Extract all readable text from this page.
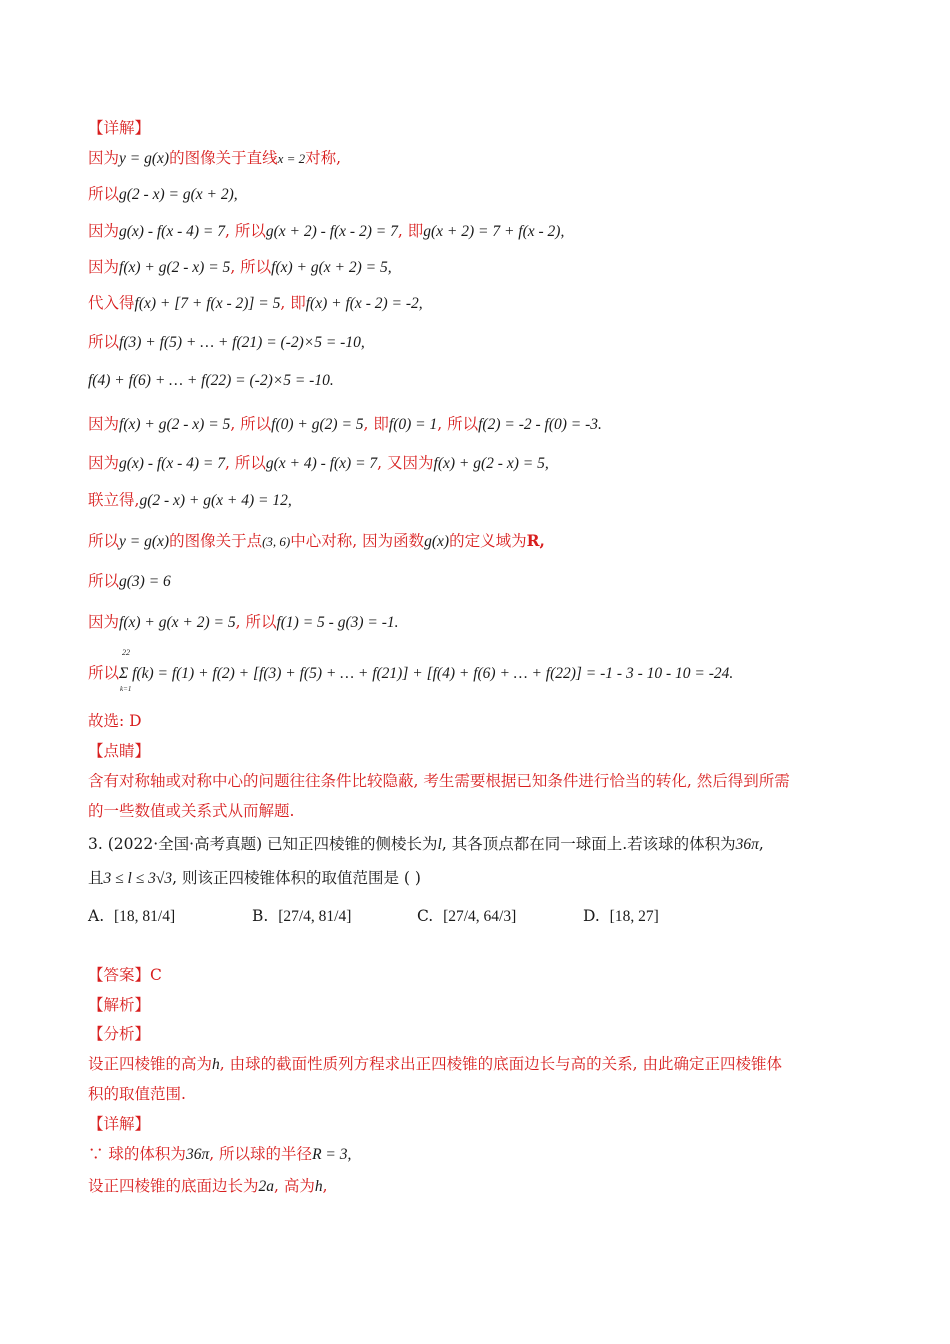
【详解】
因为y = g(x)的图像关于直线x = 2对称,
所以g(2 - x) = g(x + 2),
因为g(x) - f(x - 4) = 7, 所以g(x + 2) - f(x - 2) = 7, 即g(x + 2) = 7 + f(x - 2),
因为f(x) + g(2 - x) = 5, 所以f(x) + g(x + 2) = 5,
代入得f(x) + [7 + f(x - 2)] = 5, 即f(x) + f(x - 2) = -2,
所以f(3) + f(5) + … + f(21) = (-2)×5 = -10,
f(4) + f(6) + … + f(22) = (-2)×5 = -10.
因为f(x) + g(2 - x) = 5, 所以f(0) + g(2) = 5, 即f(0) = 1, 所以f(2) = -2 - f(0) = -3.
因为g(x) - f(x - 4) = 7, 所以g(x + 4) - f(x) = 7, 又因为f(x) + g(2 - x) = 5,
联立得,g(2 - x) + g(x + 4) = 12,
所以y = g(x)的图像关于点(3, 6)中心对称, 因为函数g(x)的定义域为R,
所以g(3) = 6
因为f(x) + g(x + 2) = 5, 所以f(1) = 5 - g(3) = -1.
所以Σ f(k) = f(1) + f(2) + [f(3) + f(5) + … + f(21)] + [f(4) + f(6) + … + f(22)] = -1 - 3 - 10 - 10 = -24.
22
k=1
故选: D
【点睛】
含有对称轴或对称中心的问题往往条件比较隐蔽, 考生需要根据已知条件进行恰当的转化, 然后得到所需
的一些数值或关系式从而解题.
3. (2022·全国·高考真题) 已知正四棱锥的侧棱长为l, 其各顶点都在同一球面上.若该球的体积为36π,
且3 ≤ l ≤ 3√3, 则该正四棱锥体积的取值范围是 ( )
A. [18, 81/4]	B. [27/4, 81/4]	C. [27/4, 64/3]	D. [18, 27]
【答案】C
【解析】
【分析】
设正四棱锥的高为h, 由球的截面性质列方程求出正四棱锥的底面边长与高的关系, 由此确定正四棱锥体
积的取值范围.
【详解】
∵ 球的体积为36π, 所以球的半径R = 3,
设正四棱锥的底面边长为2a, 高为h,
